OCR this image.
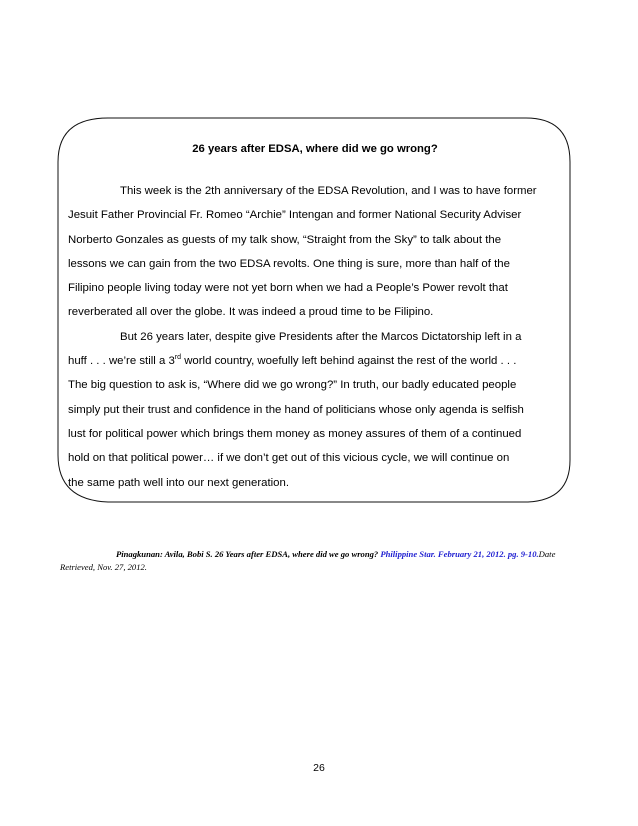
26 years after EDSA, where did we go wrong?
This week is the 2th anniversary of the EDSA Revolution, and I was to have former
Jesuit Father Provincial Fr. Romeo “Archie” Intengan and former National Security Adviser
Norberto Gonzales as guests of my talk show, “Straight from the Sky” to talk about the
lessons we can gain from the two EDSA revolts. One thing is sure, more than half of the
Filipino people living today were not yet born when we had a People’s Power revolt that
reverberated all over the globe. It was indeed a proud time to be Filipino.
But 26 years later, despite give Presidents after the Marcos Dictatorship left in a
huff . . . we’re still a 3rd world country, woefully left behind against the rest of the world . . .
The big question to ask is, “Where did we go wrong?” In truth, our badly educated people
simply put their trust and confidence in the hand of politicians whose only agenda is selfish
lust for political power which brings them money as money assures of them of a continued
hold on that political power… if we don’t get out of this vicious cycle, we will continue on
the same path well into our next generation.
Pinagkunan: Avila, Bobi S. 26 Years after EDSA, where did we go wrong? Philippine Star. February 21, 2012. pg. 9-10.Date
Retrieved, Nov. 27, 2012.
26
